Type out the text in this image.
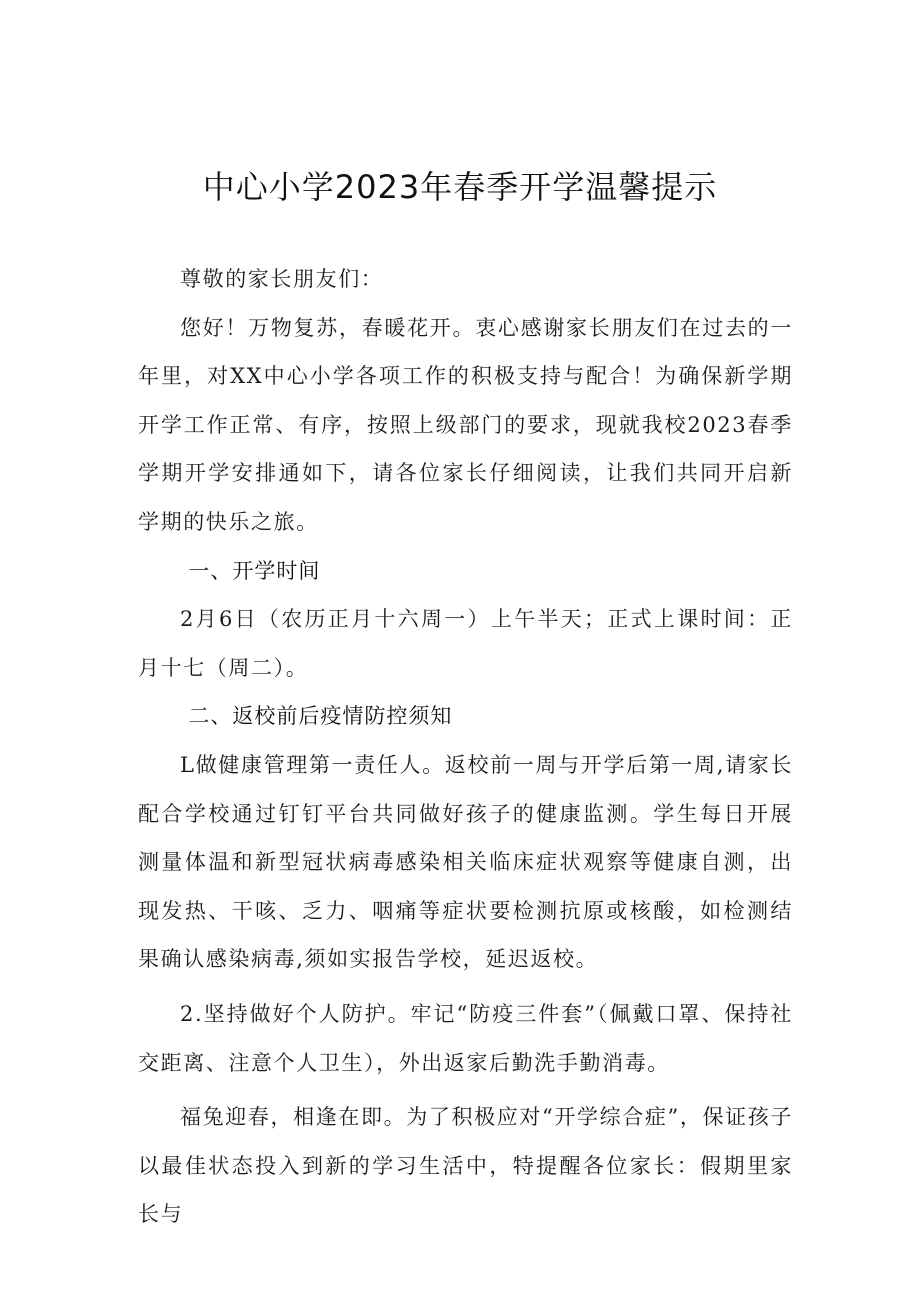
中心小学2023年春季开学温馨提示

尊敬的家长朋友们：

您好！万物复苏，春暖花开。衷心感谢家长朋友们在过去的一年里，对XX中心小学各项工作的积极支持与配合！为确保新学期开学工作正常、有序，按照上级部门的要求，现就我校2023春季学期开学安排通如下，请各位家长仔细阅读，让我们共同开启新学期的快乐之旅。

一、开学时间

2月6日（农历正月十六周一）上午半天；正式上课时间：正月十七（周二）。

二、返校前后疫情防控须知

L做健康管理第一责任人。返校前一周与开学后第一周,请家长配合学校通过钉钉平台共同做好孩子的健康监测。学生每日开展测量体温和新型冠状病毒感染相关临床症状观察等健康自测，出现发热、干咳、乏力、咽痛等症状要检测抗原或核酸，如检测结果确认感染病毒,须如实报告学校，延迟返校。

2.坚持做好个人防护。牢记“防疫三件套”（佩戴口罩、保持社交距离、注意个人卫生），外出返家后勤洗手勤消毒。

福兔迎春，相逢在即。为了积极应对“开学综合症”，保证孩子以最佳状态投入到新的学习生活中，特提醒各位家长：假期里家长与
